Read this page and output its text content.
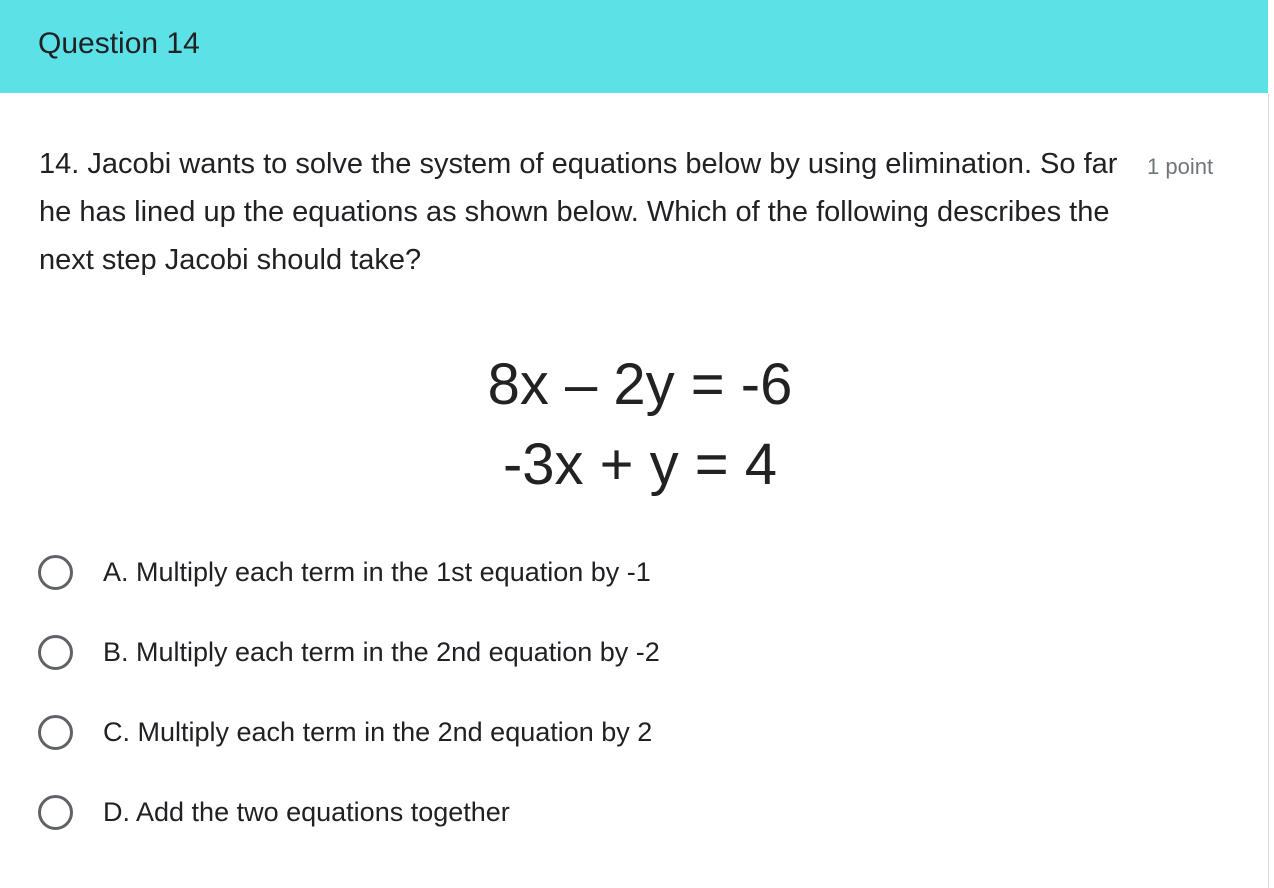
Question 14
14. Jacobi wants to solve the system of equations below by using elimination. So far he has lined up the equations as shown below. Which of the following describes the next step Jacobi should take?
1 point
8x – 2y = -6
-3x + y = 4
A. Multiply each term in the 1st equation by -1
B. Multiply each term in the 2nd equation by -2
C. Multiply each term in the 2nd equation by 2
D. Add the two equations together
